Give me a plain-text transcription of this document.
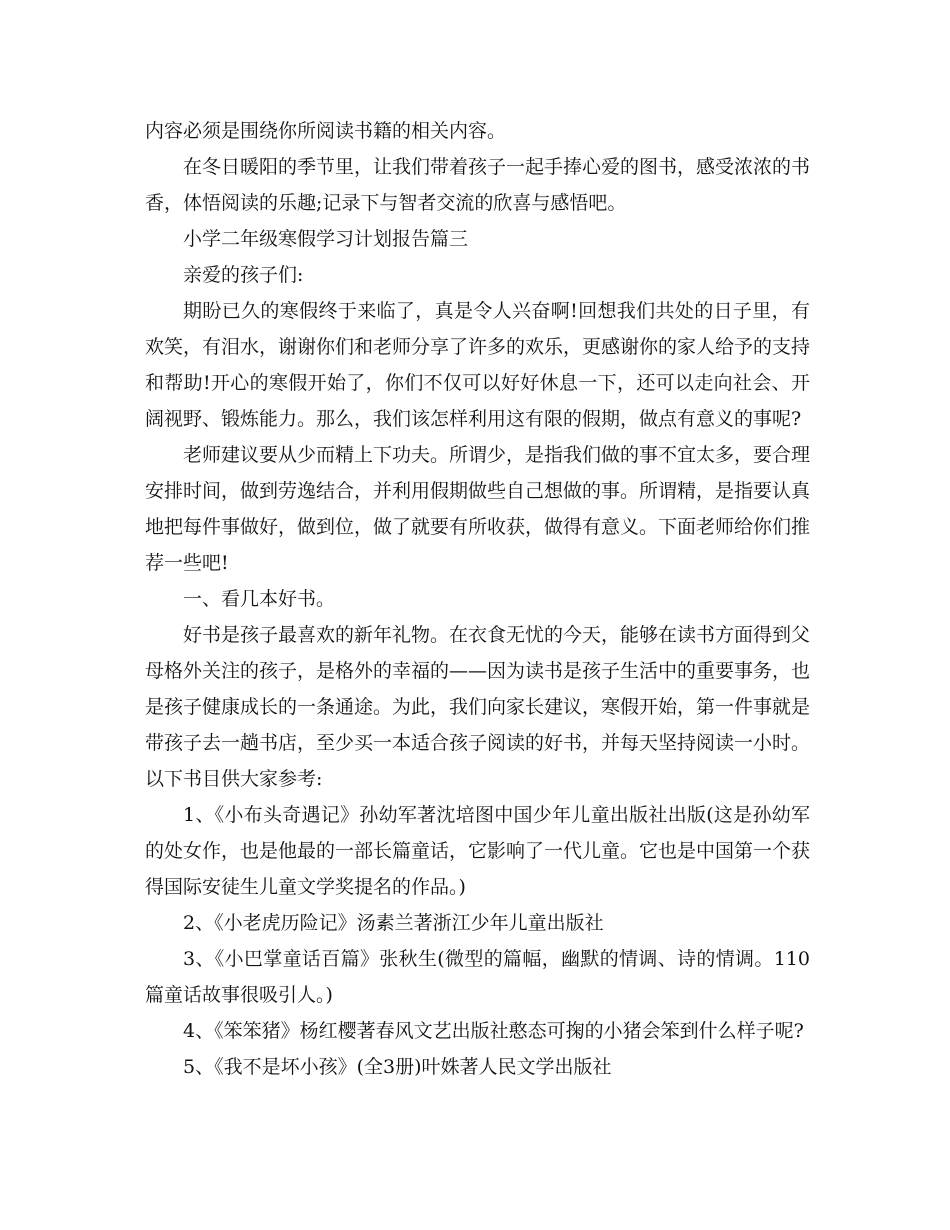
内容必须是围绕你所阅读书籍的相关内容。

在冬日暖阳的季节里，让我们带着孩子一起手捧心爱的图书，感受浓浓的书香，体悟阅读的乐趣;记录下与智者交流的欣喜与感悟吧。

小学二年级寒假学习计划报告篇三

亲爱的孩子们:

期盼已久的寒假终于来临了，真是令人兴奋啊!回想我们共处的日子里，有欢笑，有泪水，谢谢你们和老师分享了许多的欢乐，更感谢你的家人给予的支持和帮助!开心的寒假开始了，你们不仅可以好好休息一下，还可以走向社会、开阔视野、锻炼能力。那么，我们该怎样利用这有限的假期，做点有意义的事呢?

老师建议要从少而精上下功夫。所谓少，是指我们做的事不宜太多，要合理安排时间，做到劳逸结合，并利用假期做些自己想做的事。所谓精，是指要认真地把每件事做好，做到位，做了就要有所收获，做得有意义。下面老师给你们推荐一些吧!

一、看几本好书。

好书是孩子最喜欢的新年礼物。在衣食无忧的今天，能够在读书方面得到父母格外关注的孩子，是格外的幸福的——因为读书是孩子生活中的重要事务，也是孩子健康成长的一条通途。为此，我们向家长建议，寒假开始，第一件事就是带孩子去一趟书店，至少买一本适合孩子阅读的好书，并每天坚持阅读一小时。以下书目供大家参考:

1、《小布头奇遇记》孙幼军著沈培图中国少年儿童出版社出版(这是孙幼军的处女作，也是他最的一部长篇童话，它影响了一代儿童。它也是中国第一个获得国际安徒生儿童文学奖提名的作品。)

2、《小老虎历险记》汤素兰著浙江少年儿童出版社

3、《小巴掌童话百篇》张秋生(微型的篇幅，幽默的情调、诗的情调。110篇童话故事很吸引人。)

4、《笨笨猪》杨红樱著春风文艺出版社憨态可掬的小猪会笨到什么样子呢?

5、《我不是坏小孩》(全3册)叶姝著人民文学出版社
